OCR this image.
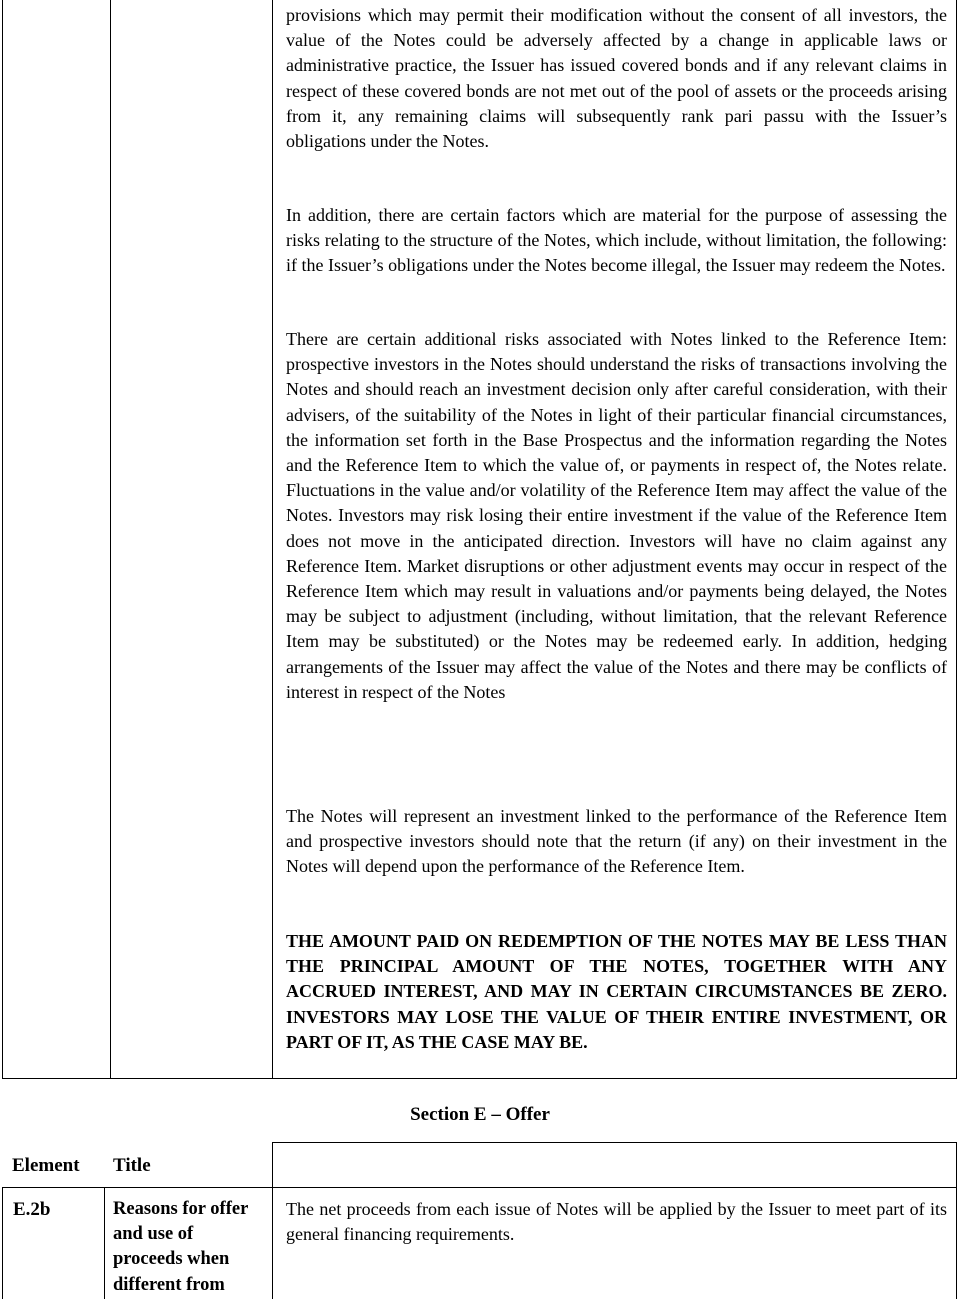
provisions which may permit their modification without the consent of all investors, the value of the Notes could be adversely affected by a change in applicable laws or administrative practice, the Issuer has issued covered bonds and if any relevant claims in respect of these covered bonds are not met out of the pool of assets or the proceeds arising from it, any remaining claims will subsequently rank pari passu with the Issuer’s obligations under the Notes.

In addition, there are certain factors which are material for the purpose of assessing the risks relating to the structure of the Notes, which include, without limitation, the following: if the Issuer’s obligations under the Notes become illegal, the Issuer may redeem the Notes.

There are certain additional risks associated with Notes linked to the Reference Item: prospective investors in the Notes should understand the risks of transactions involving the Notes and should reach an investment decision only after careful consideration, with their advisers, of the suitability of the Notes in light of their particular financial circumstances, the information set forth in the Base Prospectus and the information regarding the Notes and the Reference Item to which the value of, or payments in respect of, the Notes relate. Fluctuations in the value and/or volatility of the Reference Item may affect the value of the Notes. Investors may risk losing their entire investment if the value of the Reference Item does not move in the anticipated direction. Investors will have no claim against any Reference Item. Market disruptions or other adjustment events may occur in respect of the Reference Item which may result in valuations and/or payments being delayed, the Notes may be subject to adjustment (including, without limitation, that the relevant Reference Item may be substituted) or the Notes may be redeemed early. In addition, hedging arrangements of the Issuer may affect the value of the Notes and there may be conflicts of interest in respect of the Notes

The Notes will represent an investment linked to the performance of the Reference Item and prospective investors should note that the return (if any) on their investment in the Notes will depend upon the performance of the Reference Item.

THE AMOUNT PAID ON REDEMPTION OF THE NOTES MAY BE LESS THAN THE PRINCIPAL AMOUNT OF THE NOTES, TOGETHER WITH ANY ACCRUED INTEREST, AND MAY IN CERTAIN CIRCUMSTANCES BE ZERO. INVESTORS MAY LOSE THE VALUE OF THEIR ENTIRE INVESTMENT, OR PART OF IT, AS THE CASE MAY BE.

Section E – Offer
Element Title

E.2b	Reasons for offer and use of proceeds when different from

The net proceeds from each issue of Notes will be applied by the Issuer to meet part of its general financing requirements.
